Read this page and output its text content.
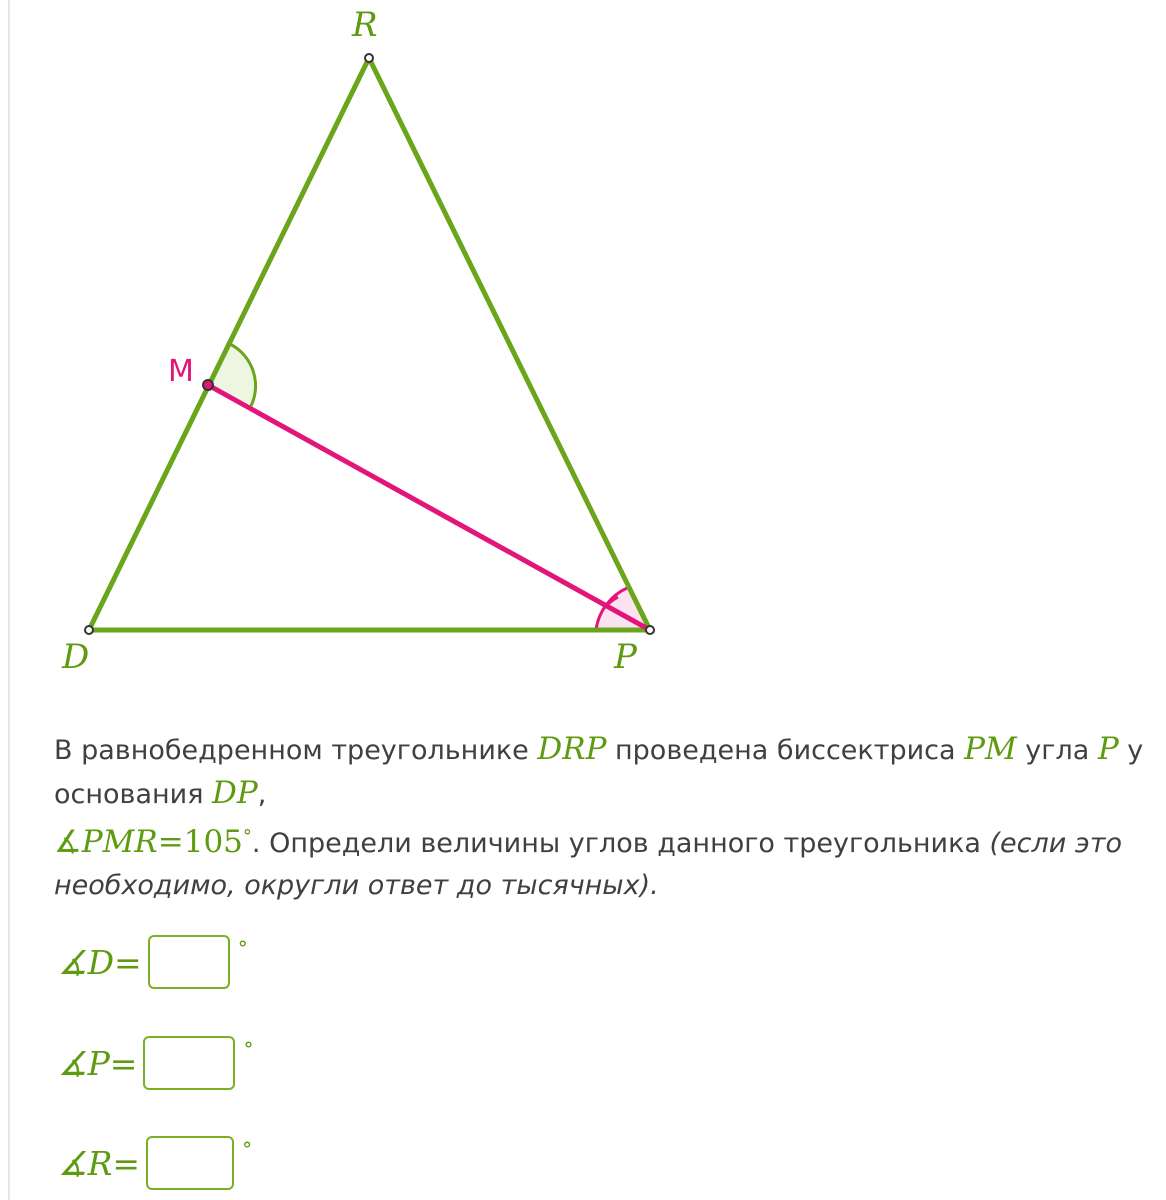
R
D	P
M
В равнобедренном треугольнике DRP проведена биссектриса PM угла P у основания DP,
∡PMR=105°. Определи величины углов данного треугольника (если это необходимо, округли ответ до тысячных).
∡D=	°
∡P=	°
∡R=	°
